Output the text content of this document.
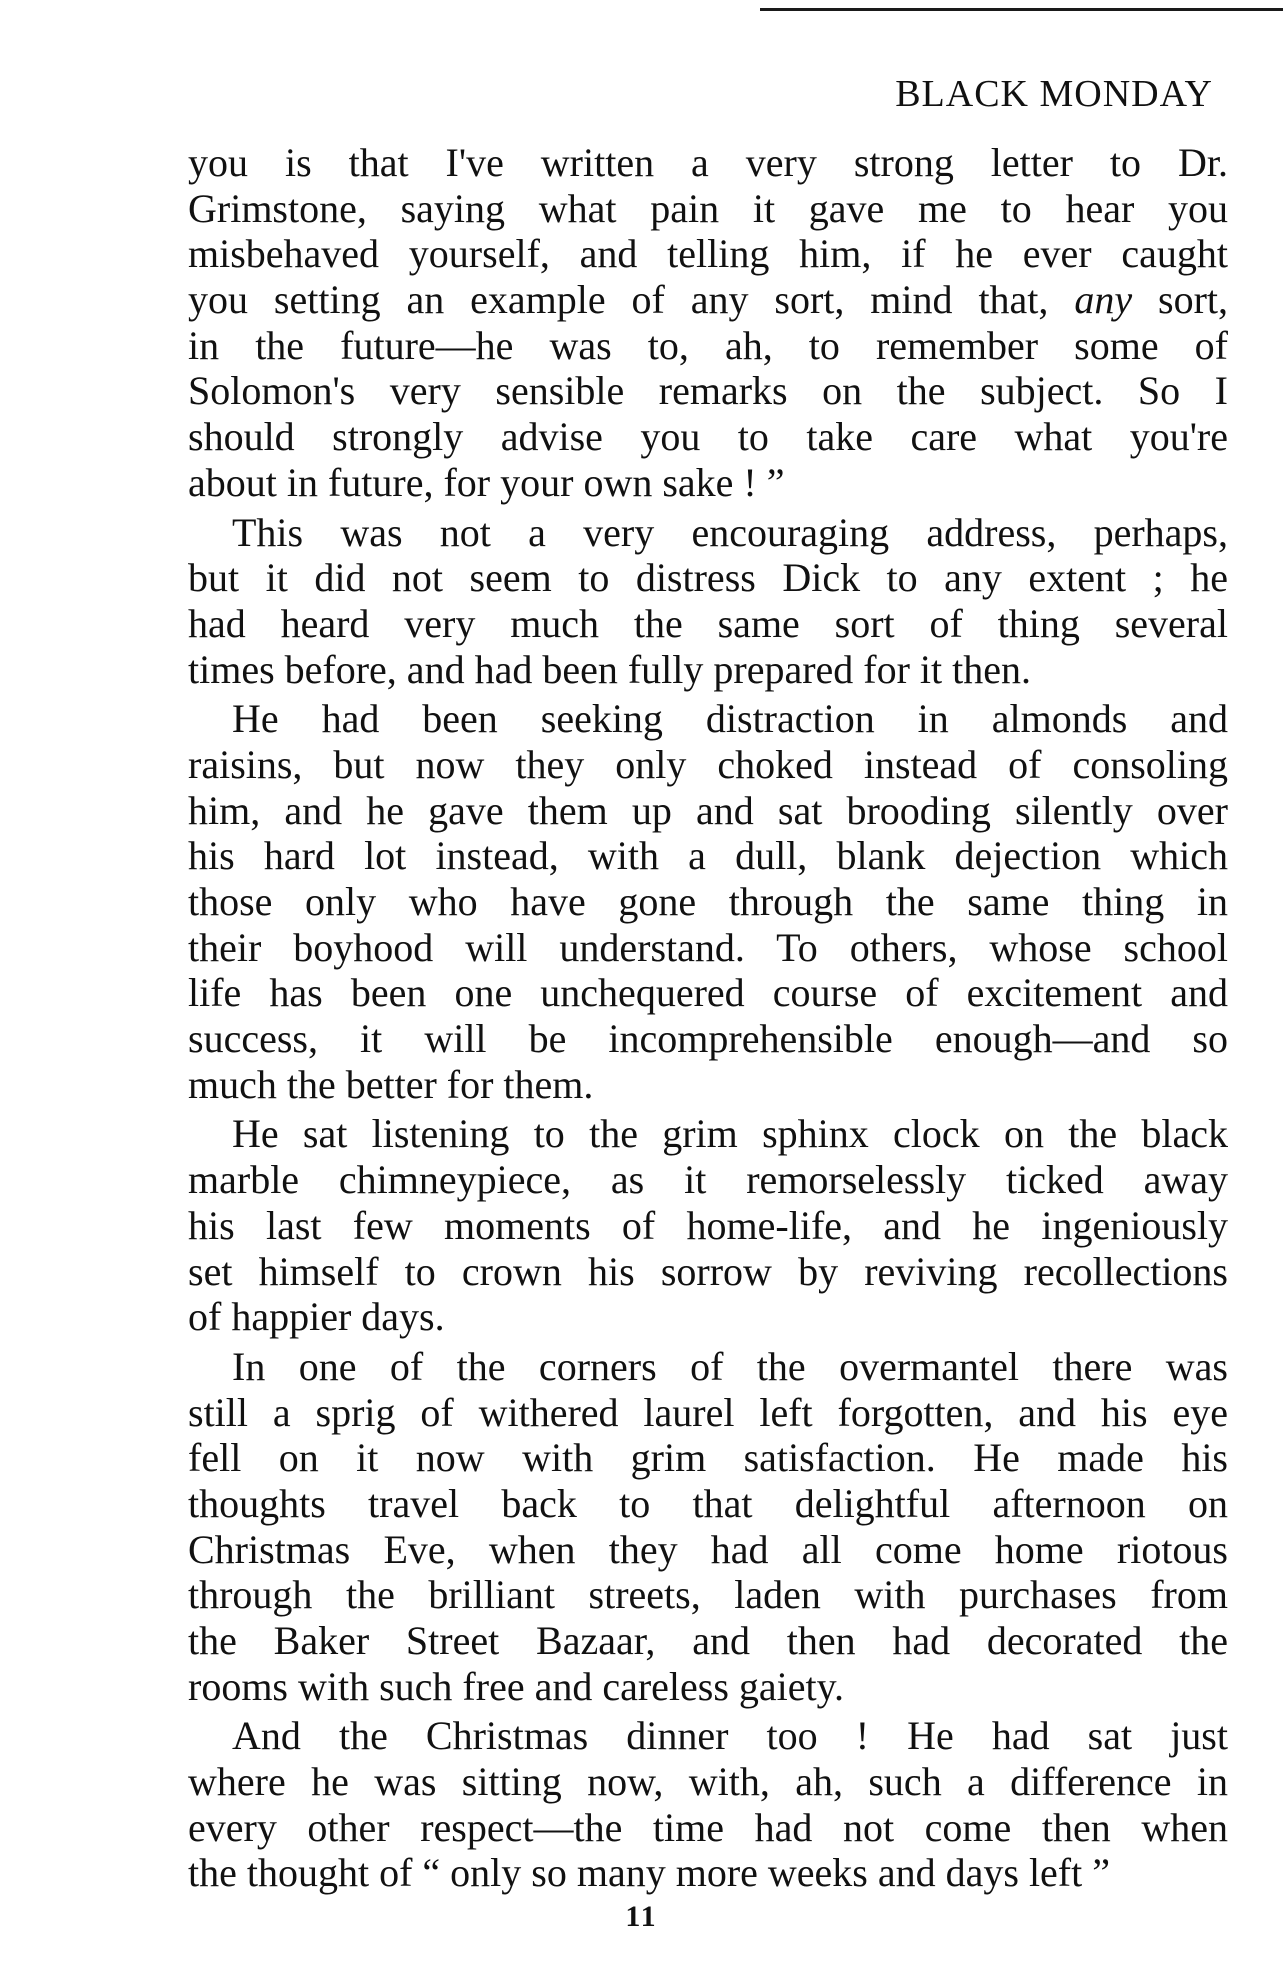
BLACK MONDAY
you is that I've written a very strong letter to Dr.
Grimstone, saying what pain it gave me to hear you
misbehaved yourself, and telling him, if he ever caught
you setting an example of any sort, mind that, any sort,
in the future—he was to, ah, to remember some of
Solomon's very sensible remarks on the subject. So I
should strongly advise you to take care what you're
about in future, for your own sake ! ”
This was not a very encouraging address, perhaps,
but it did not seem to distress Dick to any extent ; he
had heard very much the same sort of thing several
times before, and had been fully prepared for it then.
He had been seeking distraction in almonds and
raisins, but now they only choked instead of consoling
him, and he gave them up and sat brooding silently over
his hard lot instead, with a dull, blank dejection which
those only who have gone through the same thing in
their boyhood will understand. To others, whose school
life has been one unchequered course of excitement and
success, it will be incomprehensible enough—and so
much the better for them.
He sat listening to the grim sphinx clock on the black
marble chimneypiece, as it remorselessly ticked away
his last few moments of home-life, and he ingeniously
set himself to crown his sorrow by reviving recollections
of happier days.
In one of the corners of the overmantel there was
still a sprig of withered laurel left forgotten, and his eye
fell on it now with grim satisfaction. He made his
thoughts travel back to that delightful afternoon on
Christmas Eve, when they had all come home riotous
through the brilliant streets, laden with purchases from
the Baker Street Bazaar, and then had decorated the
rooms with such free and careless gaiety.
And the Christmas dinner too ! He had sat just
where he was sitting now, with, ah, such a difference in
every other respect—the time had not come then when
the thought of “ only so many more weeks and days left ”
11
